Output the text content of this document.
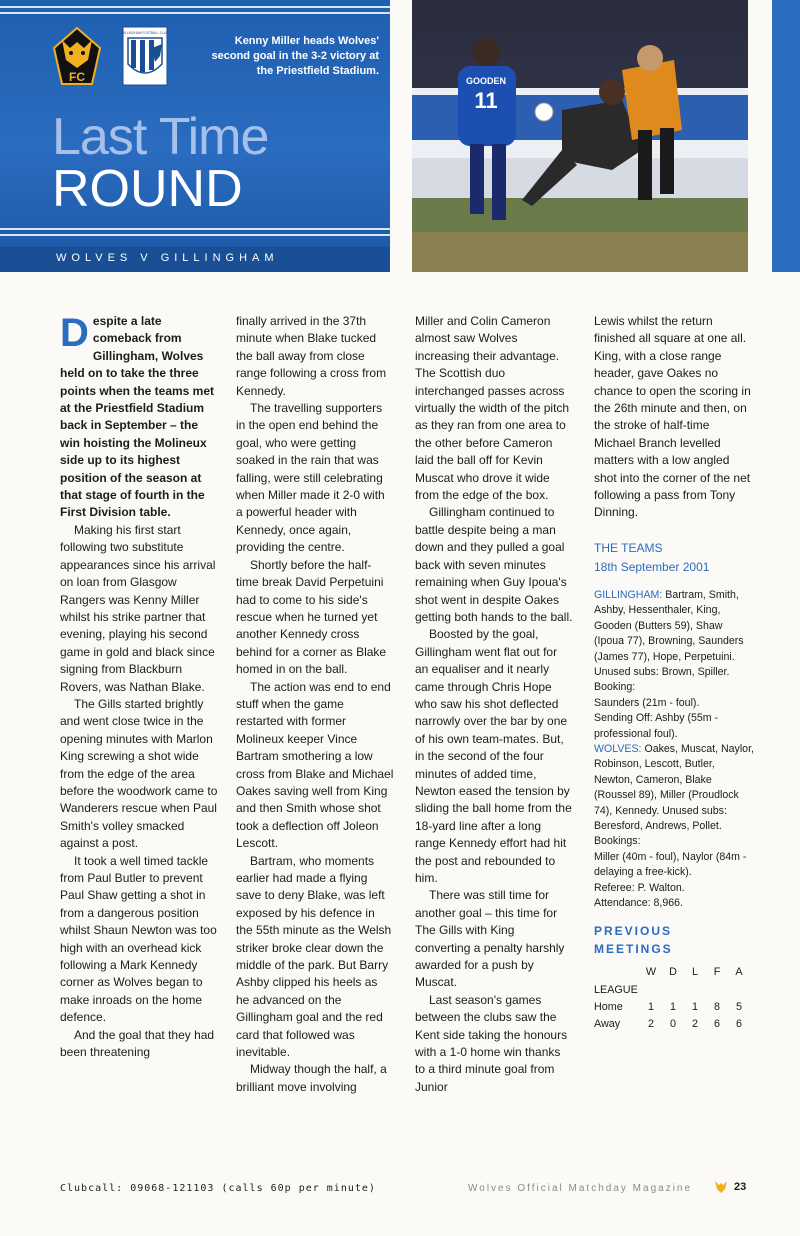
FC
GILLINGHAM FOOTBALL CLUB
Kenny Miller heads Wolves' second goal in the 3-2 victory at the Priestfield Stadium.
Last Time
ROUND
WOLVES V GILLINGHAM
GOODEN
11

Despite a late comeback from Gillingham, Wolves held on to take the three points when the teams met at the Priestfield Stadium back in September – the win hoisting the Molineux side up to its highest position of the season at that stage of fourth in the First Division table.

Making his first start following two substitute appearances since his arrival on loan from Glasgow Rangers was Kenny Miller whilst his strike partner that evening, playing his second game in gold and black since signing from Blackburn Rovers, was Nathan Blake.

The Gills started brightly and went close twice in the opening minutes with Marlon King screwing a shot wide from the edge of the area before the woodwork came to Wanderers rescue when Paul Smith's volley smacked against a post.

It took a well timed tackle from Paul Butler to prevent Paul Shaw getting a shot in from a dangerous position whilst Shaun Newton was too high with an overhead kick following a Mark Kennedy corner as Wolves began to make inroads on the home defence.

And the goal that they had been threatening

finally arrived in the 37th minute when Blake tucked the ball away from close range following a cross from Kennedy.

The travelling supporters in the open end behind the goal, who were getting soaked in the rain that was falling, were still celebrating when Miller made it 2-0 with a powerful header with Kennedy, once again, providing the centre.

Shortly before the half-time break David Perpetuini had to come to his side's rescue when he turned yet another Kennedy cross behind for a corner as Blake homed in on the ball.

The action was end to end stuff when the game restarted with former Molineux keeper Vince Bartram smothering a low cross from Blake and Michael Oakes saving well from King and then Smith whose shot took a deflection off Joleon Lescott.

Bartram, who moments earlier had made a flying save to deny Blake, was left exposed by his defence in the 55th minute as the Welsh striker broke clear down the middle of the park. But Barry Ashby clipped his heels as he advanced on the Gillingham goal and the red card that followed was inevitable.

Midway though the half, a brilliant move involving

Miller and Colin Cameron almost saw Wolves increasing their advantage. The Scottish duo interchanged passes across virtually the width of the pitch as they ran from one area to the other before Cameron laid the ball off for Kevin Muscat who drove it wide from the edge of the box.

Gillingham continued to battle despite being a man down and they pulled a goal back with seven minutes remaining when Guy Ipoua's shot went in despite Oakes getting both hands to the ball.

Boosted by the goal, Gillingham went flat out for an equaliser and it nearly came through Chris Hope who saw his shot deflected narrowly over the bar by one of his own team-mates. But, in the second of the four minutes of added time, Newton eased the tension by sliding the ball home from the 18-yard line after a long range Kennedy effort had hit the post and rebounded to him.

There was still time for another goal – this time for The Gills with King converting a penalty harshly awarded for a push by Muscat.

Last season's games between the clubs saw the Kent side taking the honours with a 1-0 home win thanks to a third minute goal from Junior

Lewis whilst the return finished all square at one all. King, with a close range header, gave Oakes no chance to open the scoring in the 26th minute and then, on the stroke of half-time Michael Branch levelled matters with a low angled shot into the corner of the net following a pass from Tony Dinning.

THE TEAMS
18th September 2001

GILLINGHAM: Bartram, Smith, Ashby, Hessenthaler, King, Gooden (Butters 59), Shaw (Ipoua 77), Browning, Saunders (James 77), Hope, Perpetuini. Unused subs: Brown, Spiller.

Booking:
Saunders (21m - foul).

Sending Off: Ashby (55m - professional foul).

WOLVES: Oakes, Muscat, Naylor, Robinson, Lescott, Butler, Newton, Cameron, Blake (Roussel 89), Miller (Proudlock 74), Kennedy. Unused subs: Beresford, Andrews, Pollet.

Bookings:
Miller (40m - foul), Naylor (84m - delaying a free-kick).

Referee: P. Walton.

Attendance: 8,966.

PREVIOUS MEETINGS
	W	D	L	F	A
LEAGUE					
Home	1	1	1	8	5
Away	2	0	2	6	6
Clubcall: 09068-121103 (calls 60p per minute)	Wolves Official Matchday Magazine	23
